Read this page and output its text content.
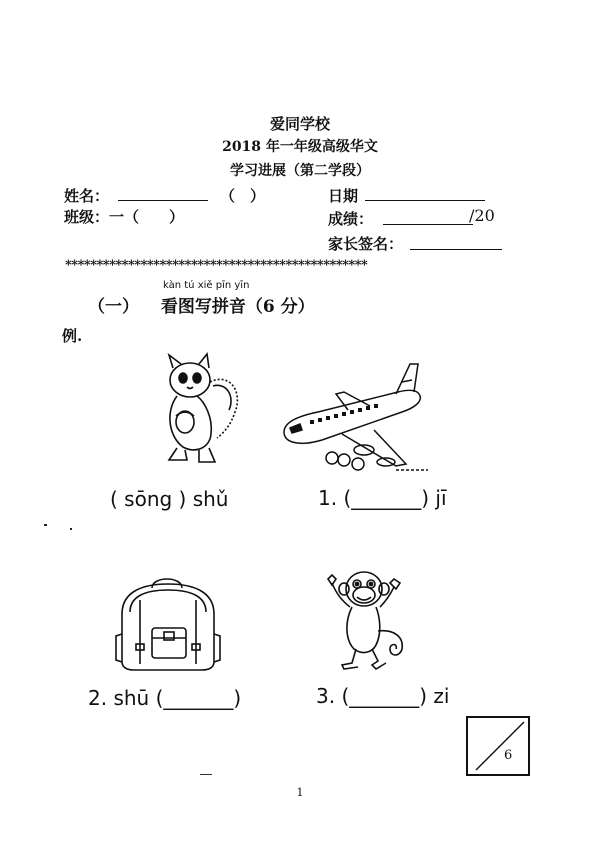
爱同学校
2018 年一年级高级华文
学习进展（第二学段）
姓名：	（　）	日期
班级：一（　　）	成绩：	/20
家长签名：
************************************************
kàn tú xiě pīn yīn
（一） 看图写拼音（6 分）
例.
( sōng ) shǔ	1. (_______) jī
2. shū (_______)	3. (_______) zi
6
1
